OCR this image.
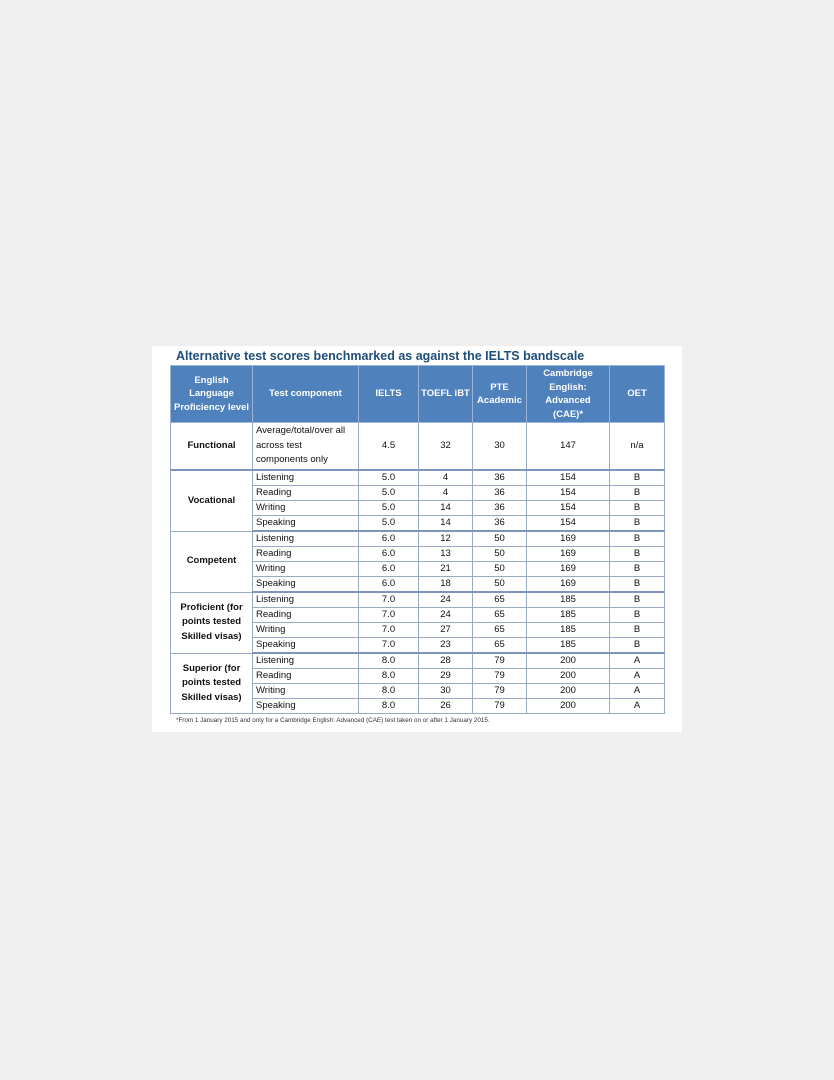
Alternative test scores benchmarked as against the IELTS bandscale
English Language Proficiency level	Test component	IELTS	TOEFL iBT	PTE Academic	Cambridge English: Advanced (CAE)*	OET
Functional	Average/total/over all across test components only	4.5	32	30	147	n/a
Vocational	Listening	5.0	4	36	154	B
	Reading	5.0	4	36	154	B
	Writing	5.0	14	36	154	B
	Speaking	5.0	14	36	154	B
Competent	Listening	6.0	12	50	169	B
	Reading	6.0	13	50	169	B
	Writing	6.0	21	50	169	B
	Speaking	6.0	18	50	169	B
Proficient (for points tested Skilled visas)	Listening	7.0	24	65	185	B
	Reading	7.0	24	65	185	B
	Writing	7.0	27	65	185	B
	Speaking	7.0	23	65	185	B
Superior (for points tested Skilled visas)	Listening	8.0	28	79	200	A
	Reading	8.0	29	79	200	A
	Writing	8.0	30	79	200	A
	Speaking	8.0	26	79	200	A
*From 1 January 2015 and only for a Cambridge English: Advanced (CAE) test taken on or after 1 January 2015.
